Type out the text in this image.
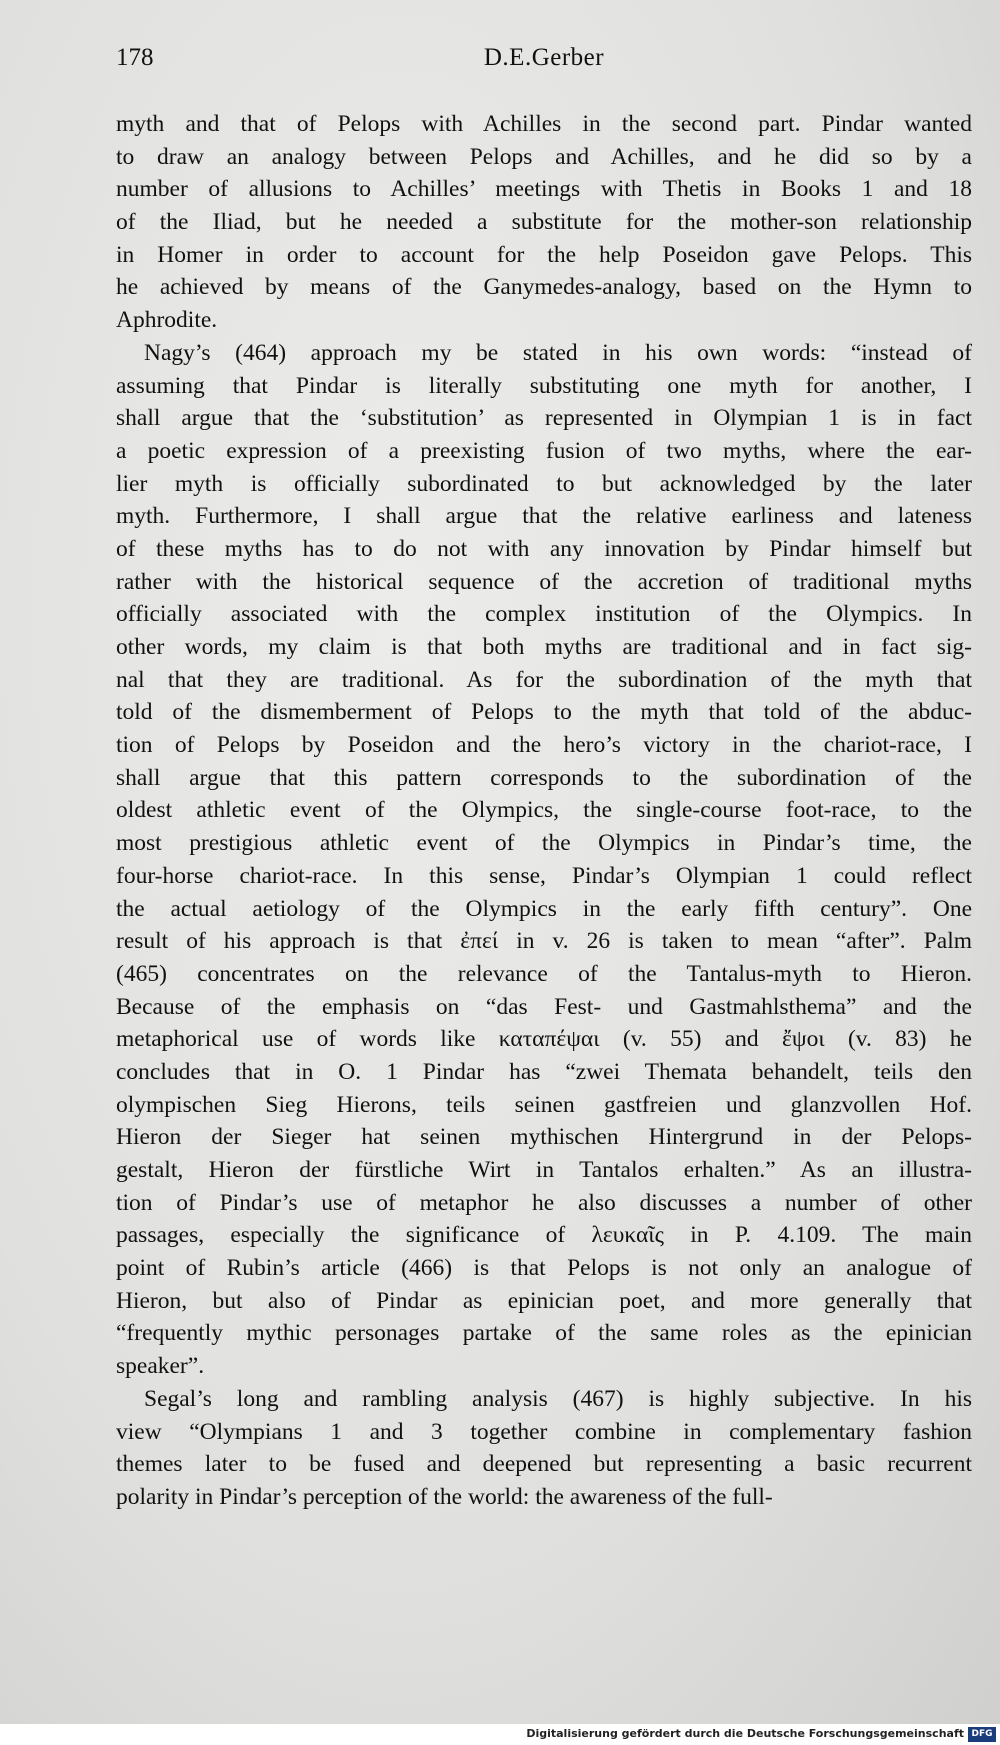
178	D.E.Gerber
myth and that of Pelops with Achilles in the second part. Pindar wanted
to draw an analogy between Pelops and Achilles, and he did so by a
number of allusions to Achilles’ meetings with Thetis in Books 1 and 18
of the Iliad, but he needed a substitute for the mother-son relationship
in Homer in order to account for the help Poseidon gave Pelops. This
he achieved by means of the Ganymedes-analogy, based on the Hymn to
Aphrodite.
Nagy’s (464) approach my be stated in his own words: “instead of
assuming that Pindar is literally substituting one myth for another, I
shall argue that the ‘substitution’ as represented in Olympian 1 is in fact
a poetic expression of a preexisting fusion of two myths, where the ear-
lier myth is officially subordinated to but acknowledged by the later
myth. Furthermore, I shall argue that the relative earliness and lateness
of these myths has to do not with any innovation by Pindar himself but
rather with the historical sequence of the accretion of traditional myths
officially associated with the complex institution of the Olympics. In
other words, my claim is that both myths are traditional and in fact sig-
nal that they are traditional. As for the subordination of the myth that
told of the dismemberment of Pelops to the myth that told of the abduc-
tion of Pelops by Poseidon and the hero’s victory in the chariot-race, I
shall argue that this pattern corresponds to the subordination of the
oldest athletic event of the Olympics, the single-course foot-race, to the
most prestigious athletic event of the Olympics in Pindar’s time, the
four-horse chariot-race. In this sense, Pindar’s Olympian 1 could reflect
the actual aetiology of the Olympics in the early fifth century”. One
result of his approach is that ἐπεί in v. 26 is taken to mean “after”. Palm
(465) concentrates on the relevance of the Tantalus-myth to Hieron.
Because of the emphasis on “das Fest- und Gastmahlsthema” and the
metaphorical use of words like καταπέψαι (v. 55) and ἔψοι (v. 83) he
concludes that in O. 1 Pindar has “zwei Themata behandelt, teils den
olympischen Sieg Hierons, teils seinen gastfreien und glanzvollen Hof.
Hieron der Sieger hat seinen mythischen Hintergrund in der Pelops-
gestalt, Hieron der fürstliche Wirt in Tantalos erhalten.” As an illustra-
tion of Pindar’s use of metaphor he also discusses a number of other
passages, especially the significance of λευκαῖς in P. 4.109. The main
point of Rubin’s article (466) is that Pelops is not only an analogue of
Hieron, but also of Pindar as epinician poet, and more generally that
“frequently mythic personages partake of the same roles as the epinician
speaker”.
Segal’s long and rambling analysis (467) is highly subjective. In his
view “Olympians 1 and 3 together combine in complementary fashion
themes later to be fused and deepened but representing a basic recurrent
polarity in Pindar’s perception of the world: the awareness of the full-
Digitalisierung gefördert durch die Deutsche Forschungsgemeinschaft DFG
